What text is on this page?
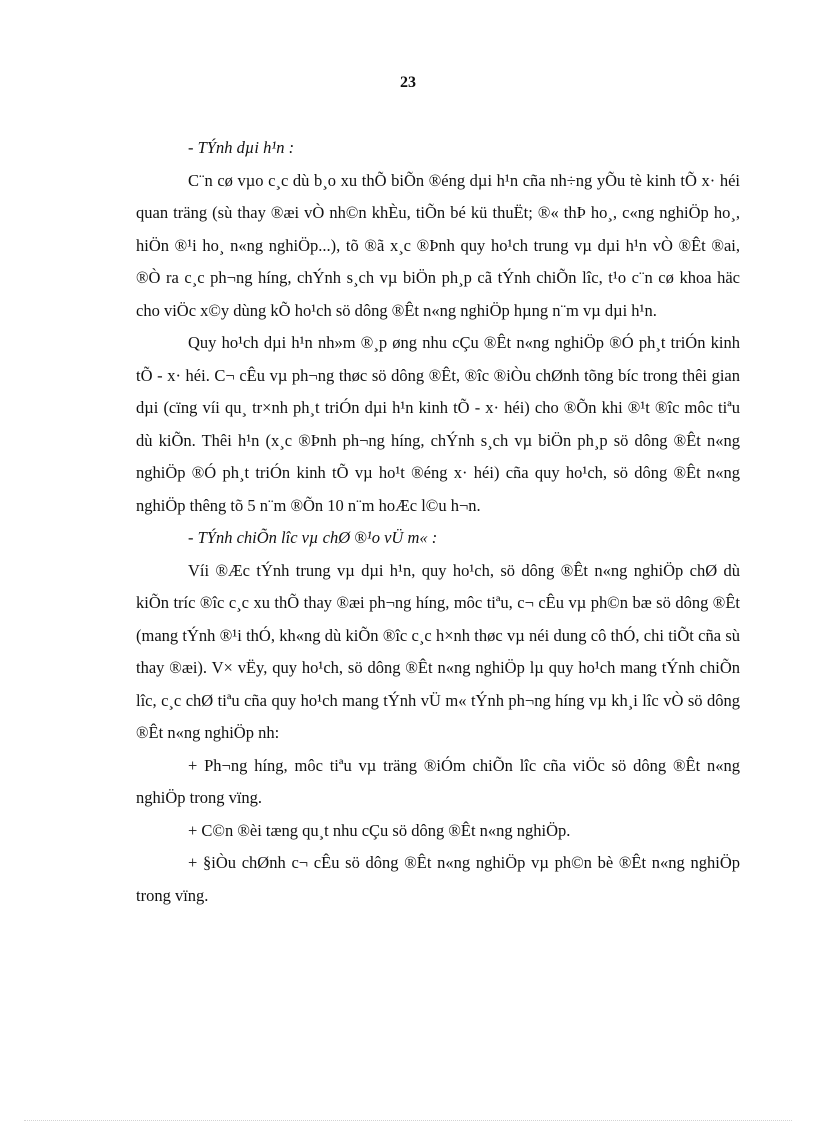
23

- TÝnh dµi h¹n :

C¨n cø vµo c¸c dù b¸o xu thÕ biÕn ®éng dµi h¹n cña nh÷ng yÕu tè kinh tÕ x· héi quan träng (sù thay ®æi vÒ nh©n khÈu, tiÕn bé kü thuËt; ®« thÞ ho¸, c«ng nghiÖp ho¸, hiÖn ®¹i ho¸ n«ng nghiÖp...), tõ ®ã x¸c ®Þnh quy ho¹ch trung vµ dµi h¹n vÒ ®Êt ®ai, ®Ò ra c¸c ph¬ng híng, chÝnh s¸ch vµ biÖn ph¸p cã tÝnh chiÕn lîc, t¹o c¨n cø khoa häc cho viÖc x©y dùng kÕ ho¹ch sö dông ®Êt n«ng nghiÖp hµng n¨m vµ dµi h¹n.

Quy ho¹ch dµi h¹n nh»m ®¸p øng nhu cÇu ®Êt n«ng nghiÖp ®Ó ph¸t triÓn kinh tÕ - x· héi. C¬ cÊu vµ ph¬ng thøc sö dông ®Êt, ®îc ®iÒu chØnh tõng bíc trong thêi gian dµi (cïng víi qu¸ tr×nh ph¸t triÓn dµi h¹n kinh tÕ - x· héi) cho ®Õn khi ®¹t ®îc môc tiªu dù kiÕn. Thêi h¹n (x¸c ®Þnh ph¬ng híng, chÝnh s¸ch vµ biÖn ph¸p sö dông ®Êt n«ng nghiÖp ®Ó ph¸t triÓn kinh tÕ vµ ho¹t ®éng x· héi) cña quy ho¹ch, sö dông ®Êt n«ng nghiÖp thêng tõ 5 n¨m ®Õn 10 n¨m hoÆc l©u h¬n.

- TÝnh chiÕn lîc vµ chØ ®¹o vÜ m« :

Víi ®Æc tÝnh trung vµ dµi h¹n, quy ho¹ch, sö dông ®Êt n«ng nghiÖp chØ dù kiÕn tríc ®îc c¸c xu thÕ thay ®æi ph¬ng híng, môc tiªu, c¬ cÊu vµ ph©n bæ sö dông ®Êt (mang tÝnh ®¹i thÓ, kh«ng dù kiÕn ®îc c¸c h×nh thøc vµ néi dung cô thÓ, chi tiÕt cña sù thay ®æi). V× vËy, quy ho¹ch, sö dông ®Êt n«ng nghiÖp lµ quy ho¹ch mang tÝnh chiÕn lîc, c¸c chØ tiªu cña quy ho¹ch mang tÝnh vÜ m« tÝnh ph¬ng híng vµ kh¸i lîc vÒ sö dông ®Êt n«ng nghiÖp nh:

+ Ph¬ng híng, môc tiªu vµ träng ®iÓm chiÕn lîc cña viÖc sö dông ®Êt n«ng nghiÖp trong vïng.

+ C©n ®èi tæng qu¸t nhu cÇu sö dông ®Êt n«ng nghiÖp.

+ §iÒu chØnh c¬ cÊu sö dông ®Êt n«ng nghiÖp vµ ph©n bè ®Êt n«ng nghiÖp trong vïng.
